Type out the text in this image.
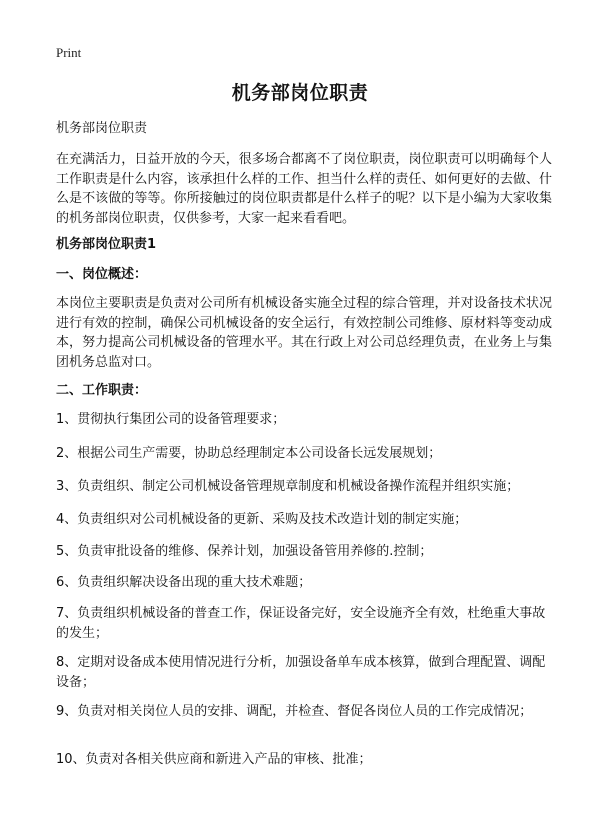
Print
机务部岗位职责
机务部岗位职责
在充满活力，日益开放的今天，很多场合都离不了岗位职责，岗位职责可以明确每个人工作职责是什么内容，该承担什么样的工作、担当什么样的责任、如何更好的去做、什么是不该做的等等。你所接触过的岗位职责都是什么样子的呢？以下是小编为大家收集的机务部岗位职责，仅供参考，大家一起来看看吧。
机务部岗位职责1
一、岗位概述：
本岗位主要职责是负责对公司所有机械设备实施全过程的综合管理，并对设备技术状况进行有效的控制，确保公司机械设备的安全运行，有效控制公司维修、原材料等变动成本，努力提高公司机械设备的管理水平。其在行政上对公司总经理负责，在业务上与集团机务总监对口。
二、工作职责：
1、贯彻执行集团公司的设备管理要求；
2、根据公司生产需要，协助总经理制定本公司设备长远发展规划；
3、负责组织、制定公司机械设备管理规章制度和机械设备操作流程并组织实施；
4、负责组织对公司机械设备的更新、采购及技术改造计划的制定实施；
5、负责审批设备的维修、保养计划，加强设备管用养修的.控制；
6、负责组织解决设备出现的重大技术难题；
7、负责组织机械设备的普查工作，保证设备完好，安全设施齐全有效，杜绝重大事故的发生；
8、定期对设备成本使用情况进行分析，加强设备单车成本核算，做到合理配置、调配设备；
9、负责对相关岗位人员的安排、调配，并检查、督促各岗位人员的工作完成情况；
10、负责对各相关供应商和新进入产品的审核、批准；
